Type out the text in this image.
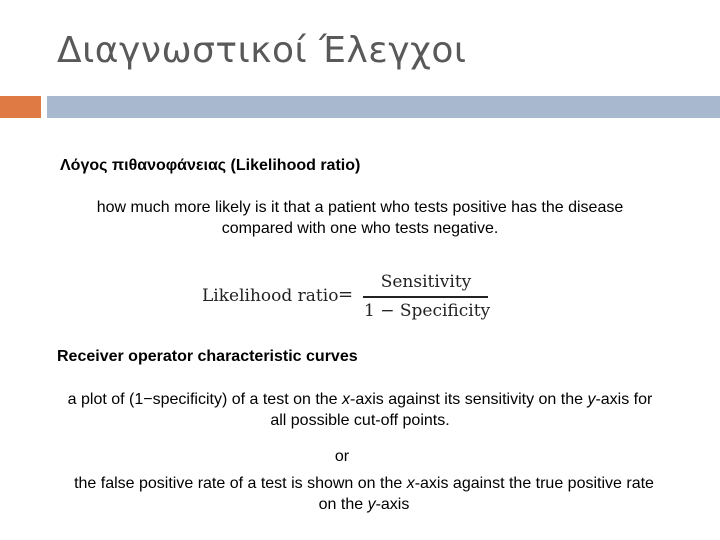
Διαγνωστικοί Έλεγχοι
Λόγος πιθανοφάνειας (Likelihood ratio)
how much more likely is it that a patient who tests positive has the disease
compared with one who tests negative.
Likelihood ratio =
Sensitivity
1 − Specificity
Receiver operator characteristic curves
a plot of (1−specificity) of a test on the x-axis against its sensitivity on the y-axis for
all possible cut-off points.
or
the false positive rate of a test is shown on the x-axis against the true positive rate
on the y-axis
